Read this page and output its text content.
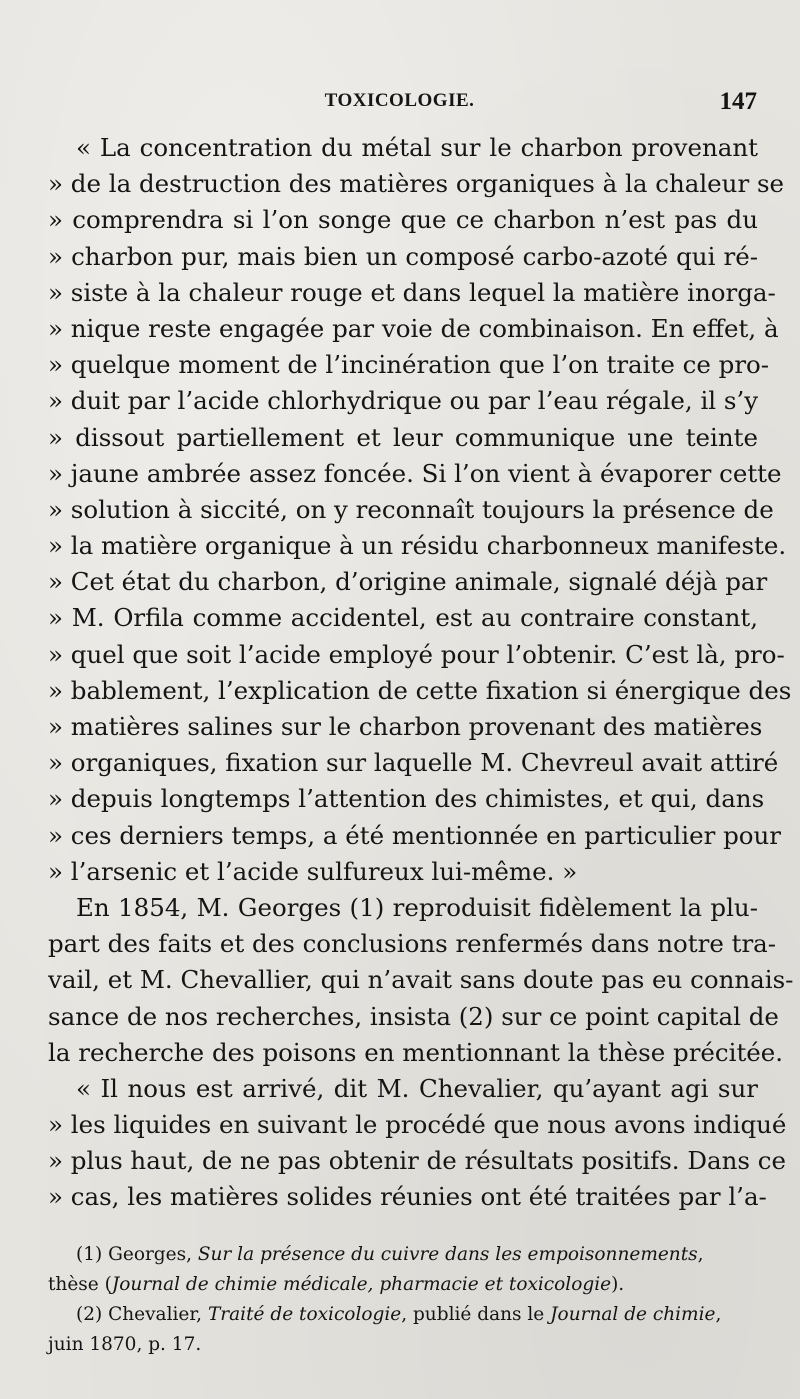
TOXICOLOGIE.	147
« La concentration du métal sur le charbon provenant
» de la destruction des matières organiques à la chaleur se
» comprendra si l’on songe que ce charbon n’est pas du
» charbon pur, mais bien un composé carbo-azoté qui ré-
» siste à la chaleur rouge et dans lequel la matière inorga-
» nique reste engagée par voie de combinaison. En effet, à
» quelque moment de l’incinération que l’on traite ce pro-
» duit par l’acide chlorhydrique ou par l’eau régale, il s’y
» dissout partiellement et leur communique une teinte
» jaune ambrée assez foncée. Si l’on vient à évaporer cette
» solution à siccité, on y reconnaît toujours la présence de
» la matière organique à un résidu charbonneux manifeste.
» Cet état du charbon, d’origine animale, signalé déjà par
» M. Orfila comme accidentel, est au contraire constant,
» quel que soit l’acide employé pour l’obtenir. C’est là, pro-
» bablement, l’explication de cette fixation si énergique des
» matières salines sur le charbon provenant des matières
» organiques, fixation sur laquelle M. Chevreul avait attiré
» depuis longtemps l’attention des chimistes, et qui, dans
» ces derniers temps, a été mentionnée en particulier pour
» l’arsenic et l’acide sulfureux lui-même. »
En 1854, M. Georges (1) reproduisit fidèlement la plu-
part des faits et des conclusions renfermés dans notre tra-
vail, et M. Chevallier, qui n’avait sans doute pas eu connais-
sance de nos recherches, insista (2) sur ce point capital de
la recherche des poisons en mentionnant la thèse précitée.
« Il nous est arrivé, dit M. Chevalier, qu’ayant agi sur
» les liquides en suivant le procédé que nous avons indiqué
» plus haut, de ne pas obtenir de résultats positifs. Dans ce
» cas, les matières solides réunies ont été traitées par l’a-
(1) Georges, Sur la présence du cuivre dans les empoisonnements,
thèse (Journal de chimie médicale, pharmacie et toxicologie).
(2) Chevalier, Traité de toxicologie, publié dans le Journal de chimie,
juin 1870, p. 17.
